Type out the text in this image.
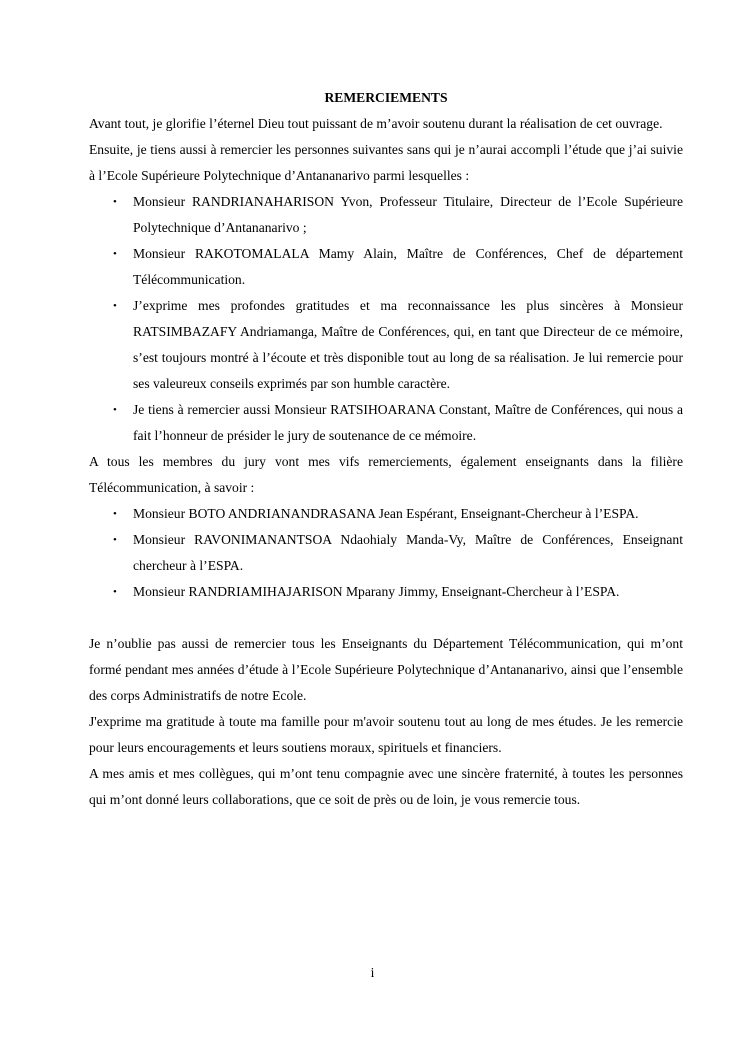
REMERCIEMENTS

Avant tout, je glorifie l’éternel Dieu tout puissant de m’avoir soutenu durant la réalisation de cet ouvrage.

Ensuite, je tiens aussi à remercier les personnes suivantes sans qui je n’aurai accompli l’étude que j’ai suivie à l’Ecole Supérieure Polytechnique d’Antananarivo parmi lesquelles :

• Monsieur RANDRIANAHARISON Yvon, Professeur Titulaire, Directeur de l’Ecole Supérieure Polytechnique d’Antananarivo ;
• Monsieur RAKOTOMALALA Mamy Alain, Maître de Conférences, Chef de département Télécommunication.
• J’exprime mes profondes gratitudes et ma reconnaissance les plus sincères à Monsieur RATSIMBAZAFY Andriamanga, Maître de Conférences, qui, en tant que Directeur de ce mémoire, s’est toujours montré à l’écoute et très disponible tout au long de sa réalisation. Je lui remercie pour ses valeureux conseils exprimés par son humble caractère.
• Je tiens à remercier aussi Monsieur RATSIHOARANA Constant, Maître de Conférences, qui nous a fait l’honneur de présider le jury de soutenance de ce mémoire.

A tous les membres du jury vont mes vifs remerciements, également enseignants dans la filière Télécommunication, à savoir :

• Monsieur BOTO ANDRIANANDRASANA Jean Espérant, Enseignant-Chercheur à l’ESPA.
• Monsieur RAVONIMANANTSOA Ndaohialy Manda-Vy, Maître de Conférences, Enseignant chercheur à l’ESPA.
• Monsieur RANDRIAMIHAJARISON Mparany Jimmy, Enseignant-Chercheur à l’ESPA.

Je n’oublie pas aussi de remercier tous les Enseignants du Département Télécommunication, qui m’ont formé pendant mes années d’étude à l’Ecole Supérieure Polytechnique d’Antananarivo, ainsi que l’ensemble des corps Administratifs de notre Ecole.

J'exprime ma gratitude à toute ma famille pour m'avoir soutenu tout au long de mes études. Je les remercie pour leurs encouragements et leurs soutiens moraux, spirituels et financiers.

A mes amis et mes collègues, qui m’ont tenu compagnie avec une sincère fraternité, à toutes les personnes qui m’ont donné leurs collaborations, que ce soit de près ou de loin, je vous remercie tous.

i
